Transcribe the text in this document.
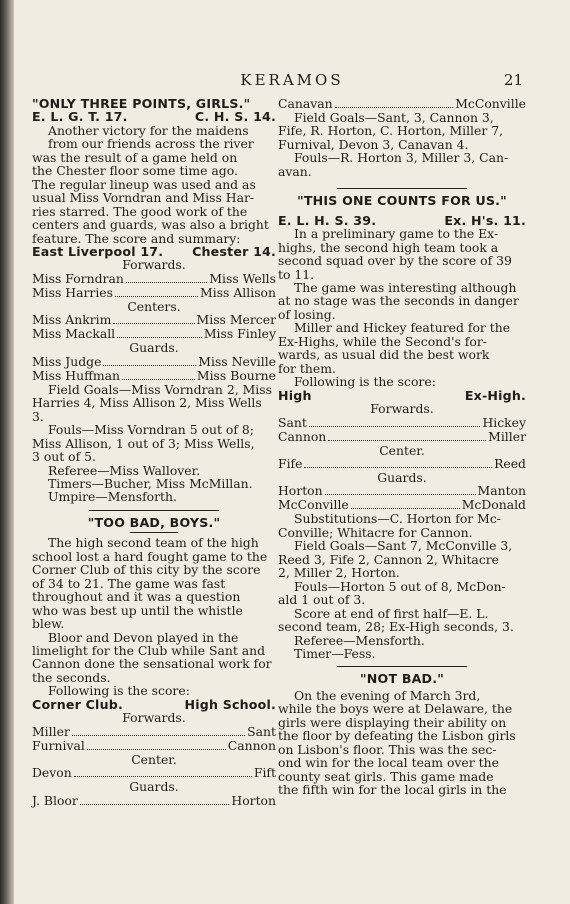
KERAMOS	21
"ONLY THREE POINTS, GIRLS."
E. L. G. T. 17.	C. H. S. 14.
Another victory for the maidens
from our friends across the river
was the result of a game held on
the Chester floor some time ago.
The regular lineup was used and as
usual Miss Vorndran and Miss Har-
ries starred. The good work of the
centers and guards, was also a bright
feature. The score and summary:
East Liverpool 17. Chester 14.
Forwards.
Miss Forndran	Miss Wells
Miss Harries	Miss Allison
Centers.
Miss Ankrim	Miss Mercer
Miss Mackall	Miss Finley
Guards.
Miss Judge	Miss Neville
Miss Huffman	Miss Bourne
Field Goals—Miss Vorndran 2, Miss
Harries 4, Miss Allison 2, Miss Wells
3.
Fouls—Miss Vorndran 5 out of 8;
Miss Allison, 1 out of 3; Miss Wells,
3 out of 5.
Referee—Miss Wallover.
Timers—Bucher, Miss McMillan.
Umpire—Mensforth.
"TOO BAD, BOYS."
The high second team of the high
school lost a hard fought game to the
Corner Club of this city by the score
of 34 to 21. The game was fast
throughout and it was a question
who was best up until the whistle
blew.
Bloor and Devon played in the
limelight for the Club while Sant and
Cannon done the sensational work for
the seconds.
Following is the score:
Corner Club.	High School.
Forwards.
Miller	Sant
Furnival	Cannon
Center.
Devon	Fift
Guards.
J. Bloor	Horton
Canavan	McConville
Field Goals—Sant, 3, Cannon 3,
Fife, R. Horton, C. Horton, Miller 7,
Furnival, Devon 3, Canavan 4.
Fouls—R. Horton 3, Miller 3, Can-
avan.
"THIS ONE COUNTS FOR US."
E. L. H. S. 39.	Ex. H's. 11.
In a preliminary game to the Ex-
highs, the second high team took a
second squad over by the score of 39
to 11.
The game was interesting although
at no stage was the seconds in danger
of losing.
Miller and Hickey featured for the
Ex-Highs, while the Second's for-
wards, as usual did the best work
for them.
Following is the score:
High	Ex-High.
Forwards.
Sant	Hickey
Cannon	Miller
Center.
Fife	Reed
Guards.
Horton	Manton
McConville	McDonald
Substitutions—C. Horton for Mc-
Conville; Whitacre for Cannon.
Field Goals—Sant 7, McConville 3,
Reed 3, Fife 2, Cannon 2, Whitacre
2, Miller 2, Horton.
Fouls—Horton 5 out of 8, McDon-
ald 1 out of 3.
Score at end of first half—E. L.
second team, 28; Ex-High seconds, 3.
Referee—Mensforth.
Timer—Fess.
"NOT BAD."
On the evening of March 3rd,
while the boys were at Delaware, the
girls were displaying their ability on
the floor by defeating the Lisbon girls
on Lisbon's floor. This was the sec-
ond win for the local team over the
county seat girls. This game made
the fifth win for the local girls in the
